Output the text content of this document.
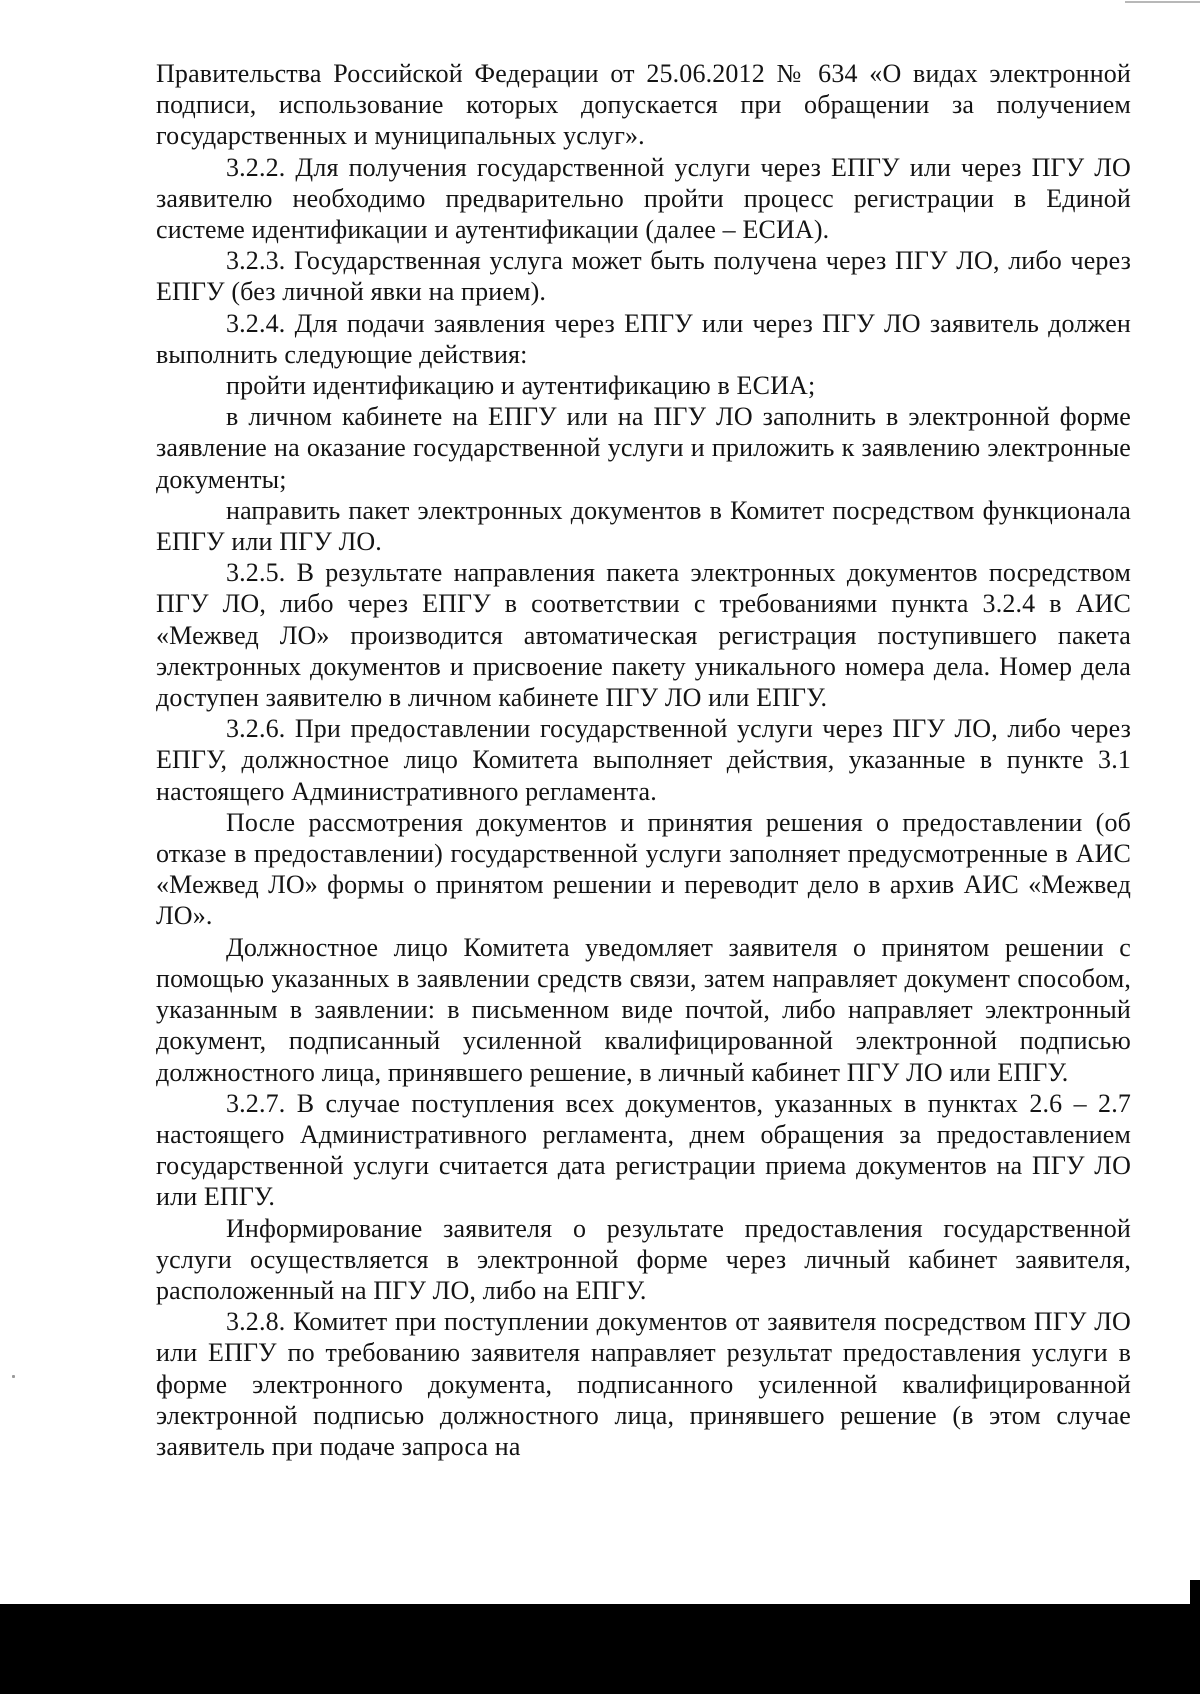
Правительства Российской Федерации от 25.06.2012 № 634 «О видах электронной подписи, использование которых допускается при обращении за получением государственных и муниципальных услуг».

3.2.2. Для получения государственной услуги через ЕПГУ или через ПГУ ЛО заявителю необходимо предварительно пройти процесс регистрации в Единой системе идентификации и аутентификации (далее – ЕСИА).

3.2.3. Государственная услуга может быть получена через ПГУ ЛО, либо через ЕПГУ (без личной явки на прием).

3.2.4. Для подачи заявления через ЕПГУ или через ПГУ ЛО заявитель должен выполнить следующие действия:

пройти идентификацию и аутентификацию в ЕСИА;

в личном кабинете на ЕПГУ или на ПГУ ЛО заполнить в электронной форме заявление на оказание государственной услуги и приложить к заявлению электронные документы;

направить пакет электронных документов в Комитет посредством функционала ЕПГУ или ПГУ ЛО.

3.2.5. В результате направления пакета электронных документов посредством ПГУ ЛО, либо через ЕПГУ в соответствии с требованиями пункта 3.2.4 в АИС «Межвед ЛО» производится автоматическая регистрация поступившего пакета электронных документов и присвоение пакету уникального номера дела. Номер дела доступен заявителю в личном кабинете ПГУ ЛО или ЕПГУ.

3.2.6. При предоставлении государственной услуги через ПГУ ЛО, либо через ЕПГУ, должностное лицо Комитета выполняет действия, указанные в пункте 3.1 настоящего Административного регламента.

После рассмотрения документов и принятия решения о предоставлении (об отказе в предоставлении) государственной услуги заполняет предусмотренные в АИС «Межвед ЛО» формы о принятом решении и переводит дело в архив АИС «Межвед ЛО».

Должностное лицо Комитета уведомляет заявителя о принятом решении с помощью указанных в заявлении средств связи, затем направляет документ способом, указанным в заявлении: в письменном виде почтой, либо направляет электронный документ, подписанный усиленной квалифицированной электронной подписью должностного лица, принявшего решение, в личный кабинет ПГУ ЛО или ЕПГУ.

3.2.7. В случае поступления всех документов, указанных в пунктах 2.6 – 2.7 настоящего Административного регламента, днем обращения за предоставлением государственной услуги считается дата регистрации приема документов на ПГУ ЛО или ЕПГУ.

Информирование заявителя о результате предоставления государственной услуги осуществляется в электронной форме через личный кабинет заявителя, расположенный на ПГУ ЛО, либо на ЕПГУ.

3.2.8. Комитет при поступлении документов от заявителя посредством ПГУ ЛО или ЕПГУ по требованию заявителя направляет результат предоставления услуги в форме электронного документа, подписанного усиленной квалифицированной электронной подписью должностного лица, принявшего решение (в этом случае заявитель при подаче запроса на
